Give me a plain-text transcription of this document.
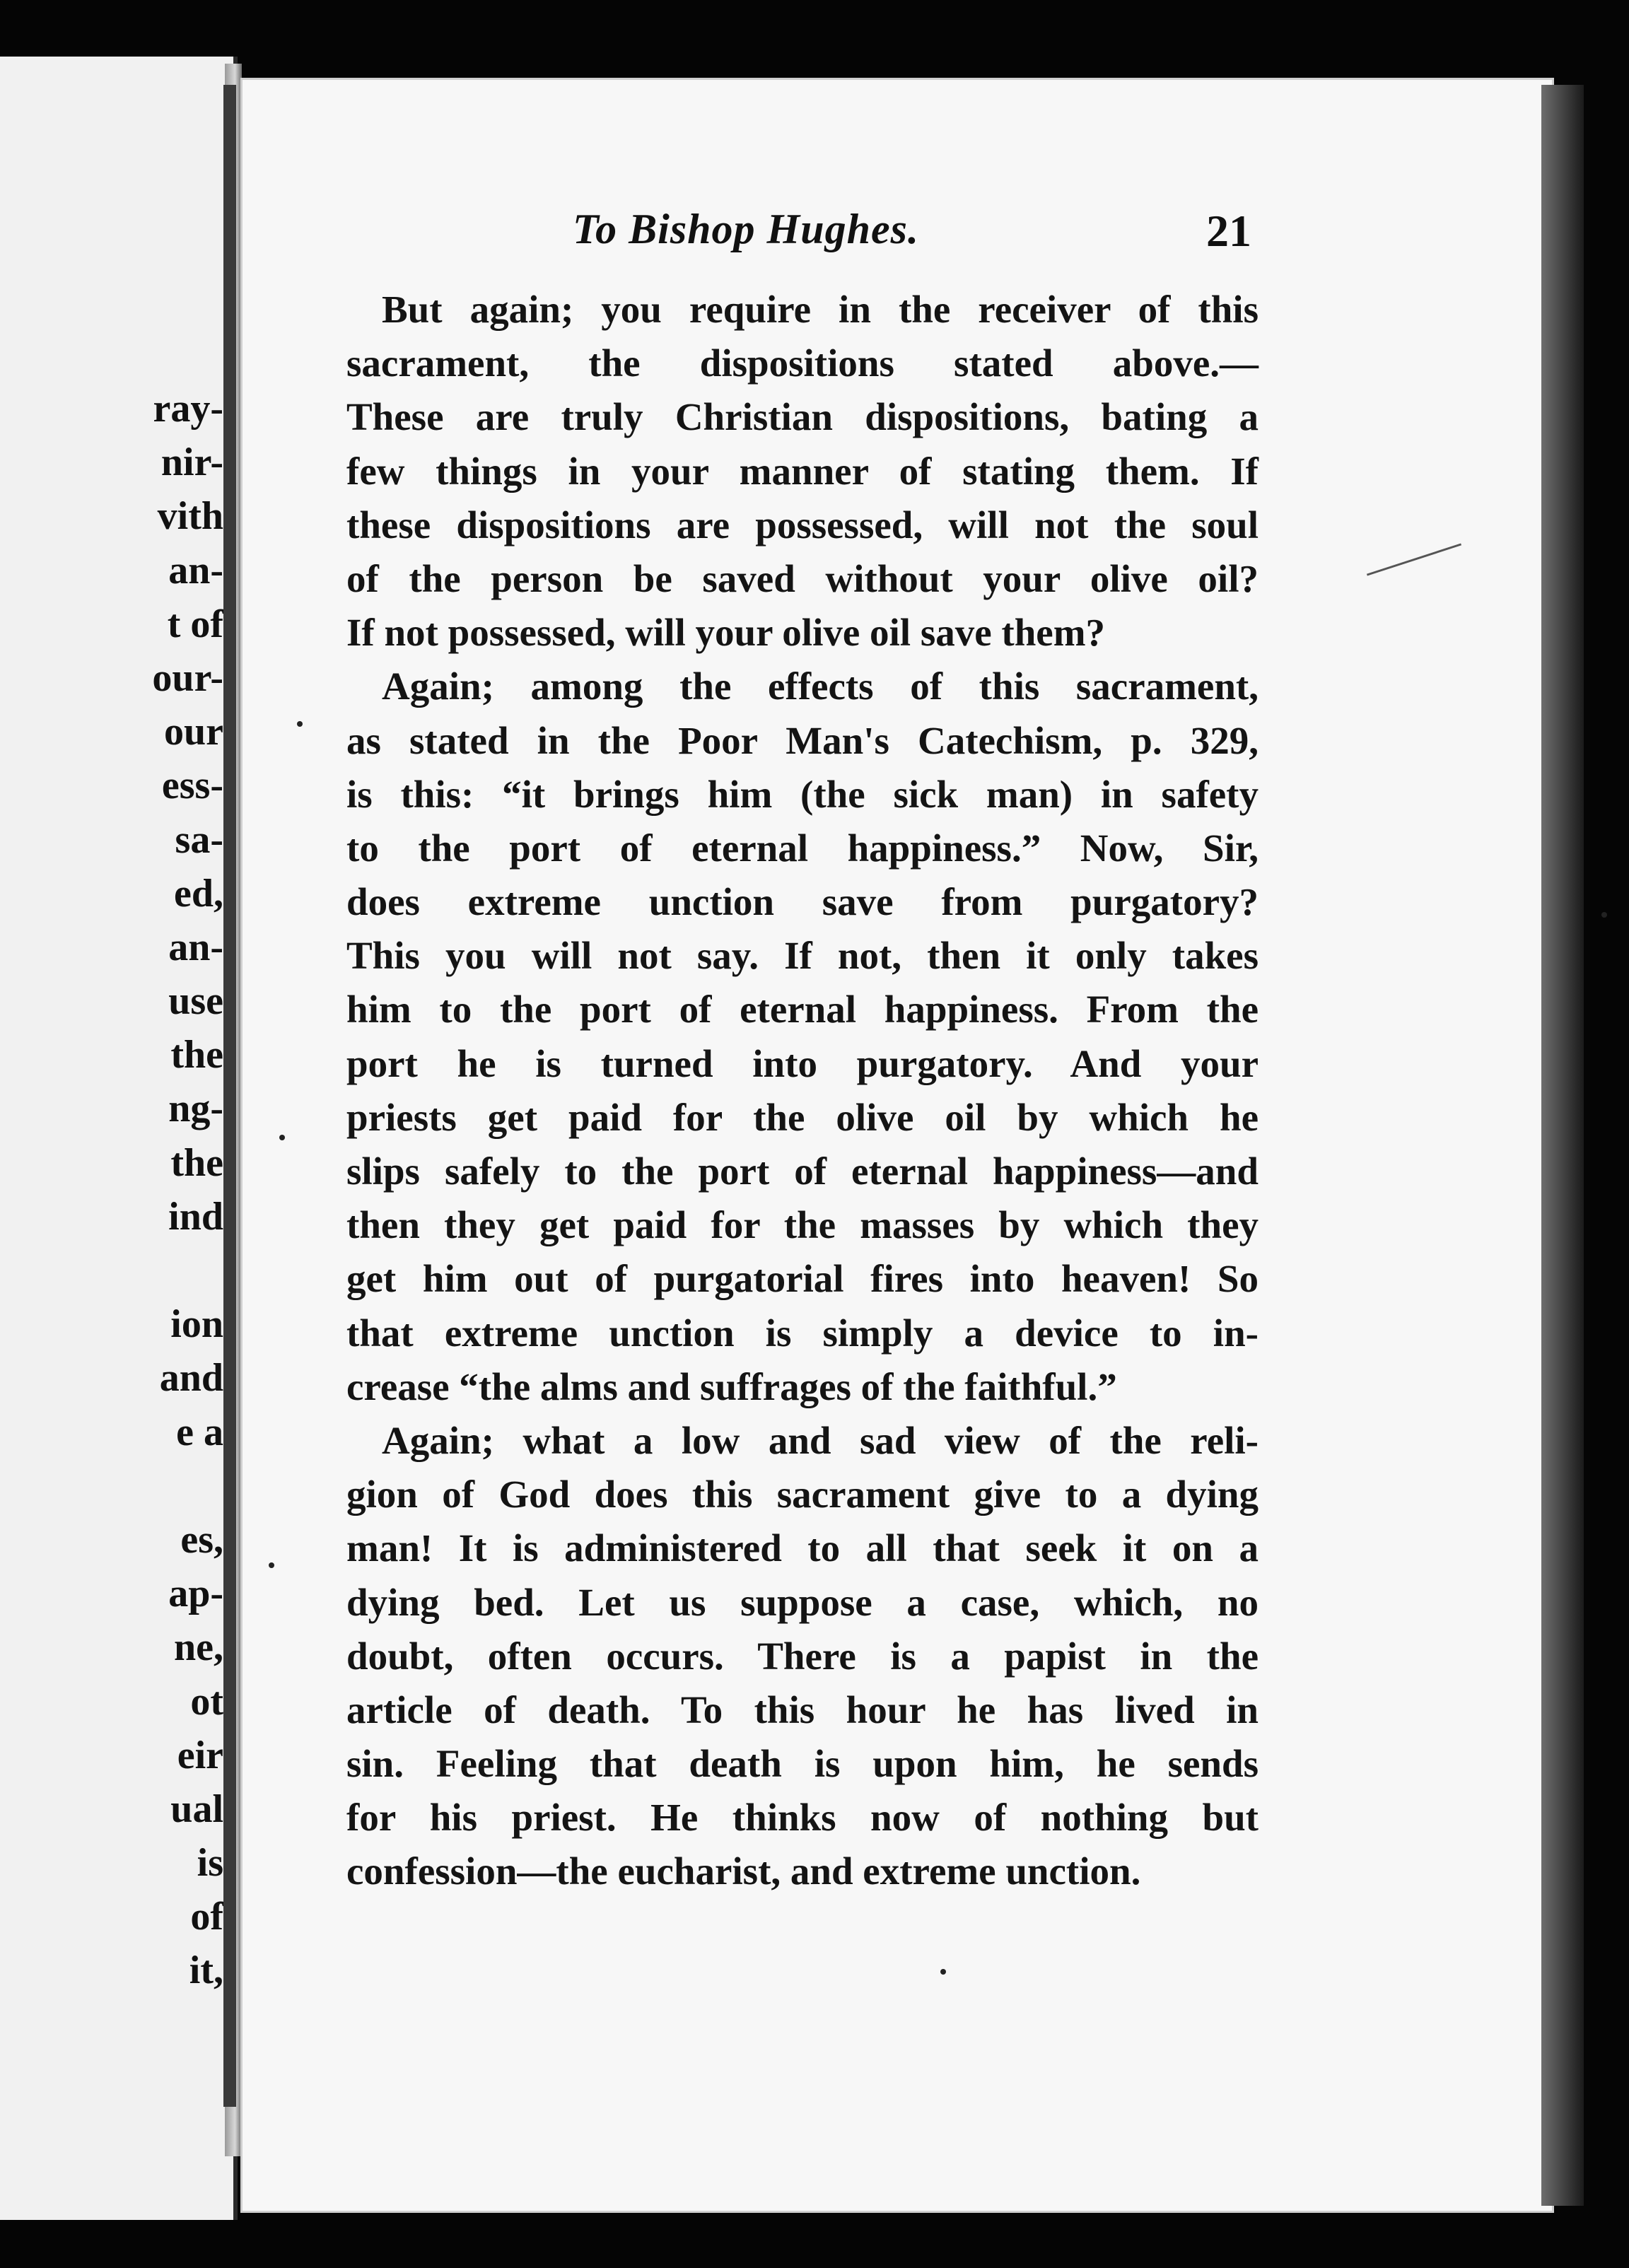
ray-
nir-
vith
an-
t of
our-
our
ess-
sa-
ed,
an-
use
the
ng-
the
ind
ion
and
e a
es,
ap-
ne,
ot
eir
ual
is
of
it,
To Bishop Hughes.	21
But again; you require in the receiver of this
sacrament, the dispositions stated above.—
These are truly Christian dispositions, bating a
few things in your manner of stating them. If
these dispositions are possessed, will not the soul
of the person be saved without your olive oil?
If not possessed, will your olive oil save them?
Again; among the effects of this sacrament,
as stated in the Poor Man's Catechism, p. 329,
is this: “it brings him (the sick man) in safety
to the port of eternal happiness.” Now, Sir,
does extreme unction save from purgatory?
This you will not say. If not, then it only takes
him to the port of eternal happiness. From the
port he is turned into purgatory. And your
priests get paid for the olive oil by which he
slips safely to the port of eternal happiness—and
then they get paid for the masses by which they
get him out of purgatorial fires into heaven! So
that extreme unction is simply a device to in-
crease “the alms and suffrages of the faithful.”
Again; what a low and sad view of the reli-
gion of God does this sacrament give to a dying
man! It is administered to all that seek it on a
dying bed. Let us suppose a case, which, no
doubt, often occurs. There is a papist in the
article of death. To this hour he has lived in
sin. Feeling that death is upon him, he sends
for his priest. He thinks now of nothing but
confession—the eucharist, and extreme unction.
